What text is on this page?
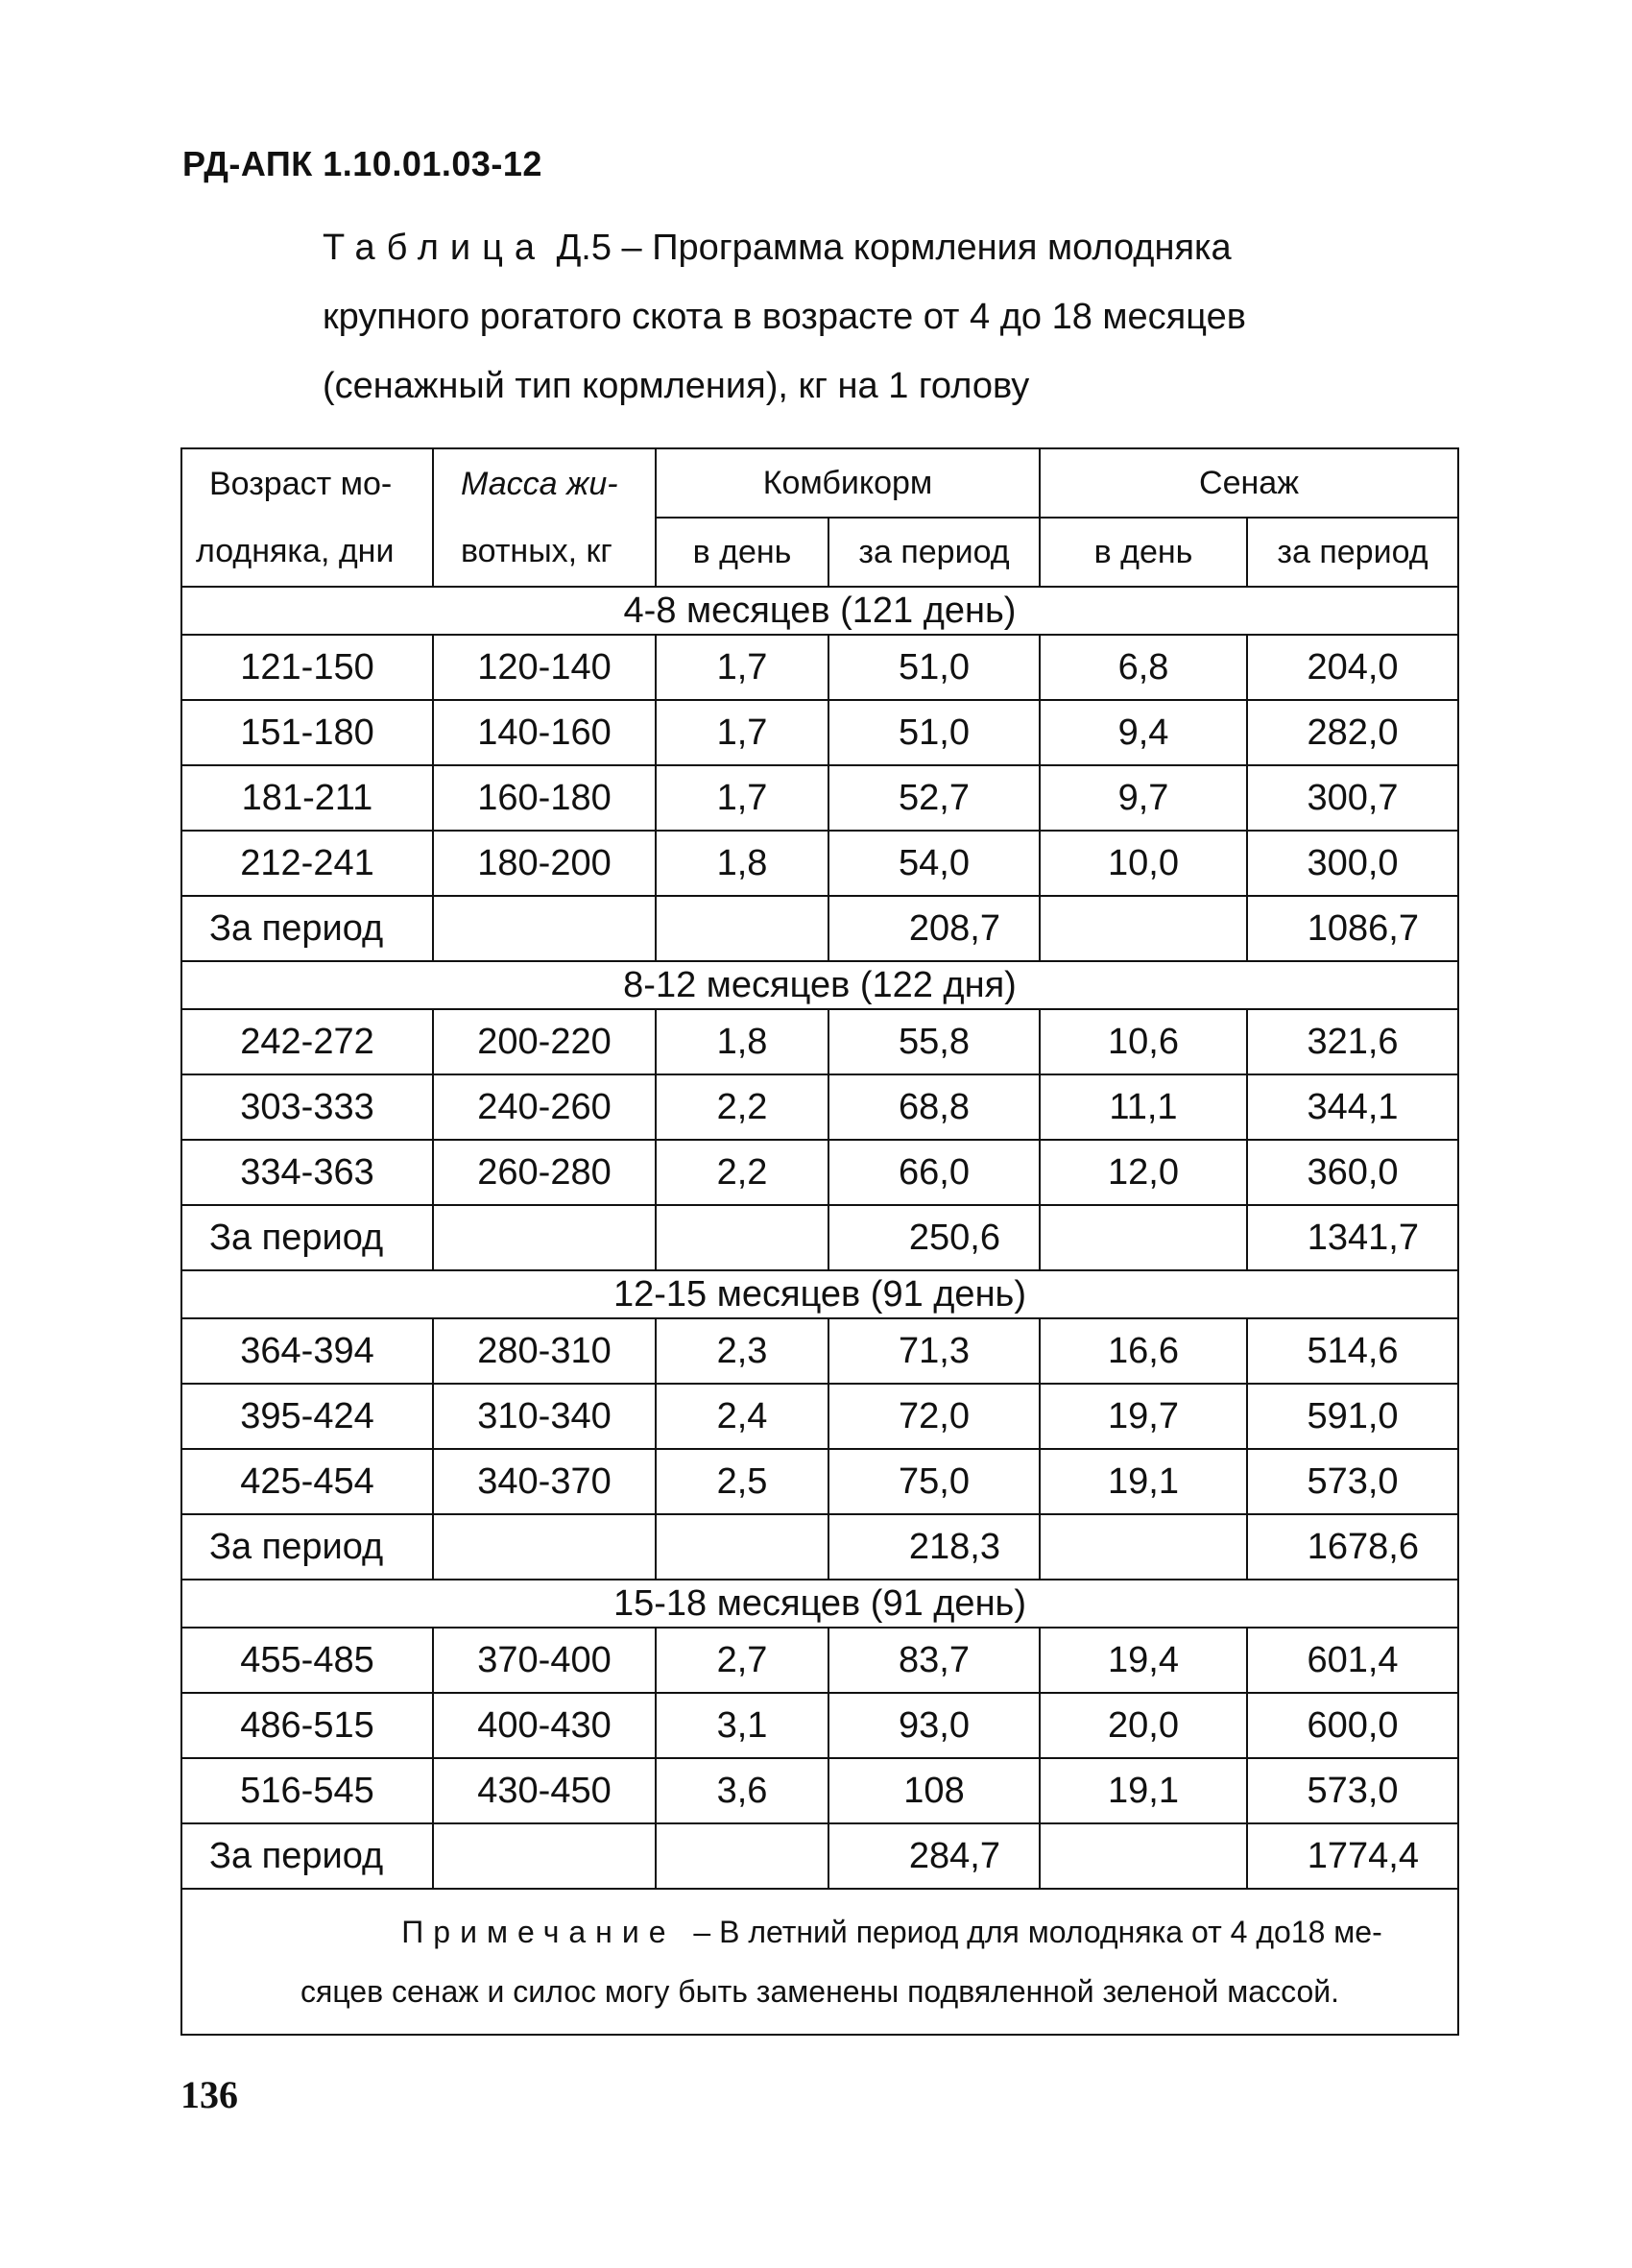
РД-АПК 1.10.01.03-12
Таблица Д.5 – Программа кормления молодняка
крупного рогатого скота в возрасте от 4 до 18 месяцев
(сенажный тип кормления), кг на 1 голову
Возраст мо-
лодняка, дни	Масса жи-
вотных, кг	Комбикорм		Сенаж	
		в день	за период	в день	за период
4-8 месяцев (121 день)					
121-150	120-140	1,7	51,0	6,8	204,0
151-180	140-160	1,7	51,0	9,4	282,0
181-211	160-180	1,7	52,7	9,7	300,7
212-241	180-200	1,8	54,0	10,0	300,0
За период			208,7		1086,7
8-12 месяцев (122 дня)					
242-272	200-220	1,8	55,8	10,6	321,6
303-333	240-260	2,2	68,8	11,1	344,1
334-363	260-280	2,2	66,0	12,0	360,0
За период			250,6		1341,7
12-15 месяцев (91 день)					
364-394	280-310	2,3	71,3	16,6	514,6
395-424	310-340	2,4	72,0	19,7	591,0
425-454	340-370	2,5	75,0	19,1	573,0
За период			218,3		1678,6
15-18 месяцев (91 день)					
455-485	370-400	2,7	83,7	19,4	601,4
486-515	400-430	3,1	93,0	20,0	600,0
516-545	430-450	3,6	108	19,1	573,0
За период			284,7		1774,4

Примечание – В летний период для молодняка от 4 до18 ме-
сяцев сенаж и силос могу быть заменены подвяленной зеленой массой.					
136
